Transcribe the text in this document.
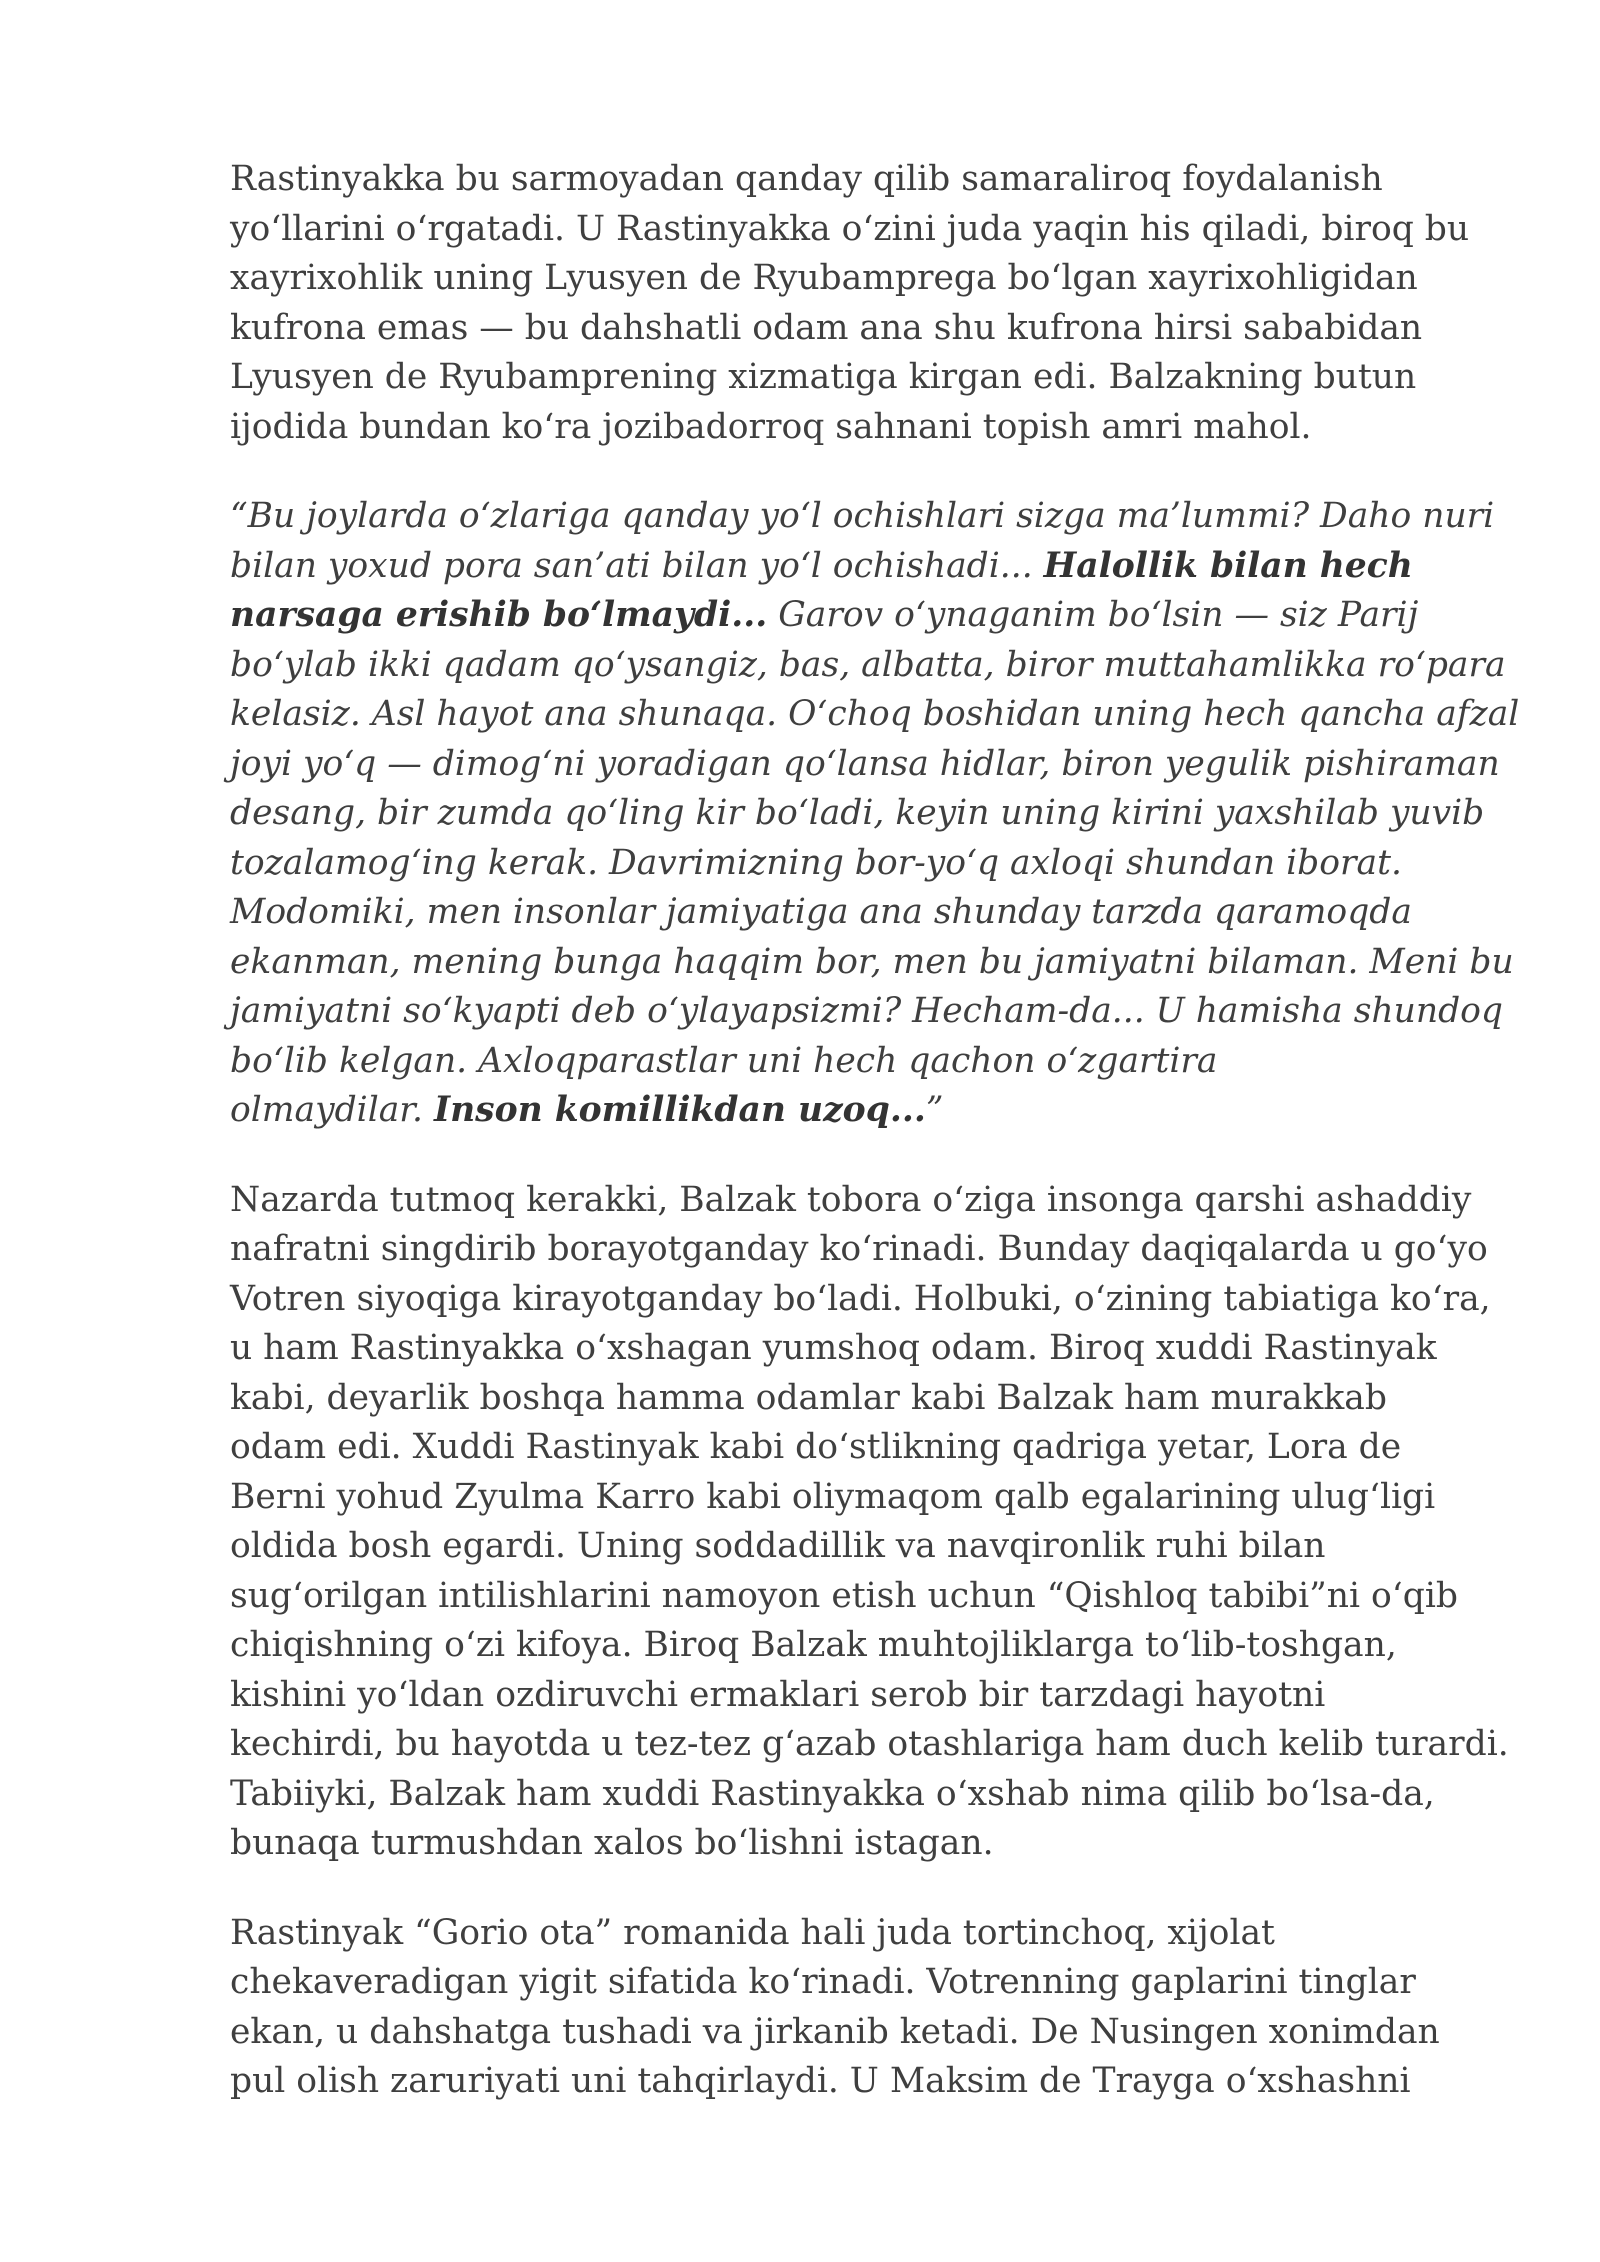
Rastinyakka bu sarmoyadan qanday qilib samaraliroq foydalanish
yo‘llarini o‘rgatadi. U Rastinyakka o‘zini juda yaqin his qiladi, biroq bu
xayrixohlik uning Lyusyen de Ryubamprega bo‘lgan xayrixohligidan
kufrona emas — bu dahshatli odam ana shu kufrona hirsi sababidan
Lyusyen de Ryubamprening xizmatiga kirgan edi. Balzakning butun
ijodida bundan ko‘ra jozibadorroq sahnani topish amri mahol.

“Bu joylarda o‘zlariga qanday yo‘l ochishlari sizga ma’lummi? Daho nuri
bilan yoxud pora san’ati bilan yo‘l ochishadi... Halollik bilan hech
narsaga erishib bo‘lmaydi... Garov o‘ynaganim bo‘lsin — siz Parij
bo‘ylab ikki qadam qo‘ysangiz, bas, albatta, biror muttahamlikka ro‘para
kelasiz. Asl hayot ana shunaqa. O‘choq boshidan uning hech qancha afzal
joyi yo‘q — dimog‘ni yoradigan qo‘lansa hidlar, biron yegulik pishiraman
desang, bir zumda qo‘ling kir bo‘ladi, keyin uning kirini yaxshilab yuvib
tozalamog‘ing kerak. Davrimizning bor-yo‘q axloqi shundan iborat.
Modomiki, men insonlar jamiyatiga ana shunday tarzda qaramoqda
ekanman, mening bunga haqqim bor, men bu jamiyatni bilaman. Meni bu
jamiyatni so‘kyapti deb o‘ylayapsizmi? Hecham-da... U hamisha shundoq
bo‘lib kelgan. Axloqparastlar uni hech qachon o‘zgartira
olmaydilar. Inson komillikdan uzoq...”

Nazarda tutmoq kerakki, Balzak tobora o‘ziga insonga qarshi ashaddiy
nafratni singdirib borayotganday ko‘rinadi. Bunday daqiqalarda u go‘yo
Votren siyoqiga kirayotganday bo‘ladi. Holbuki, o‘zining tabiatiga ko‘ra,
u ham Rastinyakka o‘xshagan yumshoq odam. Biroq xuddi Rastinyak
kabi, deyarlik boshqa hamma odamlar kabi Balzak ham murakkab
odam edi. Xuddi Rastinyak kabi do‘stlikning qadriga yetar, Lora de
Berni yohud Zyulma Karro kabi oliymaqom qalb egalarining ulug‘ligi
oldida bosh egardi. Uning soddadillik va navqironlik ruhi bilan
sug‘orilgan intilishlarini namoyon etish uchun “Qishloq tabibi”ni o‘qib
chiqishning o‘zi kifoya. Biroq Balzak muhtojliklarga to‘lib-toshgan,
kishini yo‘ldan ozdiruvchi ermaklari serob bir tarzdagi hayotni
kechirdi, bu hayotda u tez-tez g‘azab otashlariga ham duch kelib turardi.
Tabiiyki, Balzak ham xuddi Rastinyakka o‘xshab nima qilib bo‘lsa-da,
bunaqa turmushdan xalos bo‘lishni istagan.

Rastinyak “Gorio ota” romanida hali juda tortinchoq, xijolat
chekaveradigan yigit sifatida ko‘rinadi. Votrenning gaplarini tinglar
ekan, u dahshatga tushadi va jirkanib ketadi. De Nusingen xonimdan
pul olish zaruriyati uni tahqirlaydi. U Maksim de Trayga o‘xshashni
